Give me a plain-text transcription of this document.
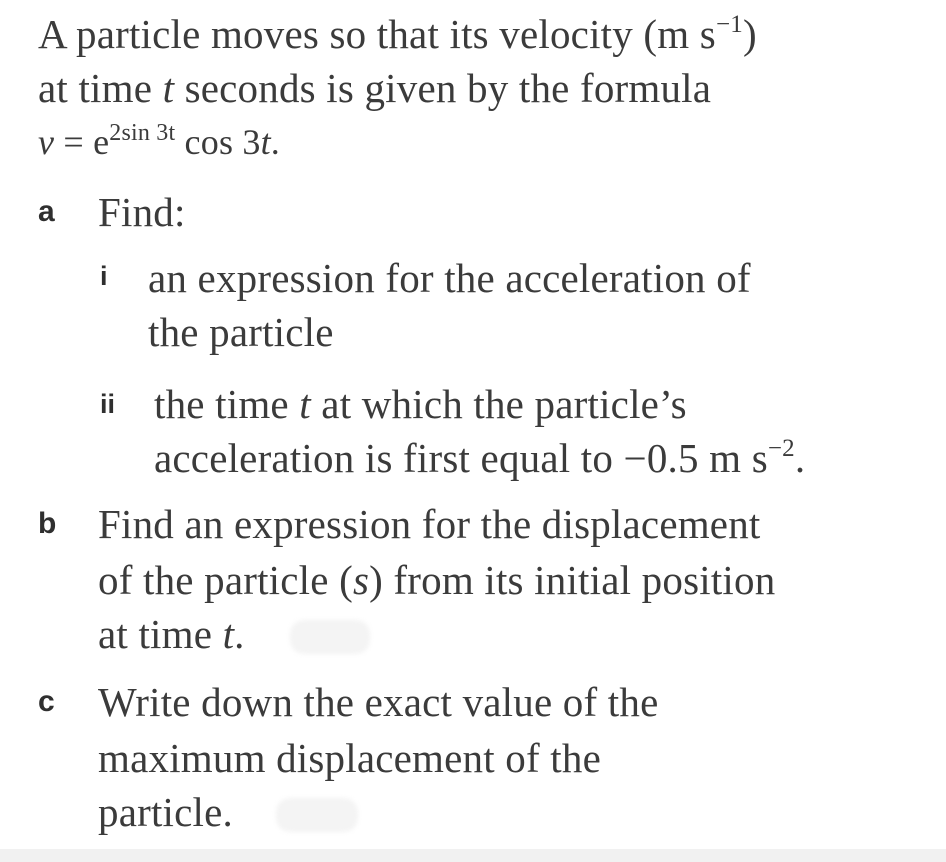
A particle moves so that its velocity (m $s^{-1}$)
at time t seconds is given by the formula
$v = e^{2sin 3t}$ cos 3t.
a Find:
i an expression for the acceleration of
the particle
ii the time t at which the particle’s
acceleration is first equal to −0.5 m $s^{-2}$.
b Find an expression for the displacement
of the particle (s) from its initial position
at time t.
c Write down the exact value of the
maximum displacement of the
particle.
